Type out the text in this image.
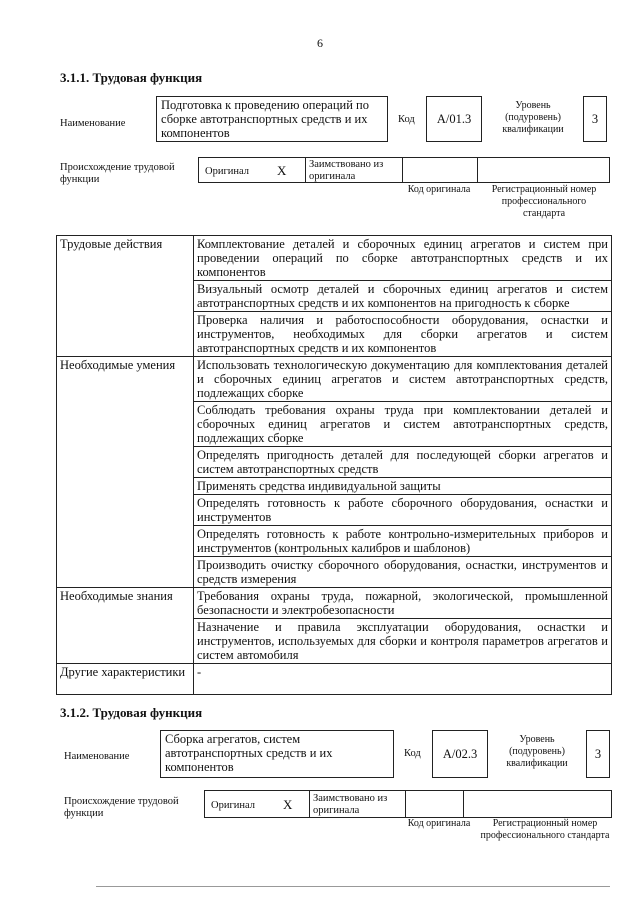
6
3.1.1. Трудовая функция
Наименование
Подготовка к проведению операций по сборке автотранспортных средств и их компонентов
Код	А/01.3
Уровень (подуровень) квалификации
3
Происхождение трудовой функции
Оригинал X Заимствовано из оригинала
Код оригинала	Регистрационный номер профессионального стандарта
Трудовые действия	Комплектование деталей и сборочных единиц агрегатов и систем при проведении операций по сборке автотранспортных средств и их компонентов
	Визуальный осмотр деталей и сборочных единиц агрегатов и систем автотранспортных средств и их компонентов на пригодность к сборке
	Проверка наличия и работоспособности оборудования, оснастки и инструментов, необходимых для сборки агрегатов и систем автотранспортных средств и их компонентов
Необходимые умения	Использовать технологическую документацию для комплектования деталей и сборочных единиц агрегатов и систем автотранспортных средств, подлежащих сборке
	Соблюдать требования охраны труда при комплектовании деталей и сборочных единиц агрегатов и систем автотранспортных средств, подлежащих сборке
	Определять пригодность деталей для последующей сборки агрегатов и систем автотранспортных средств
	Применять средства индивидуальной защиты
	Определять готовность к работе сборочного оборудования, оснастки и инструментов
	Определять готовность к работе контрольно-измерительных приборов и инструментов (контрольных калибров и шаблонов)
	Производить очистку сборочного оборудования, оснастки, инструментов и средств измерения
Необходимые знания	Требования охраны труда, пожарной, экологической, промышленной безопасности и электробезопасности
	Назначение и правила эксплуатации оборудования, оснастки и инструментов, используемых для сборки и контроля параметров агрегатов и систем автомобиля
Другие характеристики	-
3.1.2. Трудовая функция
Наименование
Сборка агрегатов, систем автотранспортных средств и их компонентов
Код	А/02.3
Уровень (подуровень) квалификации
3
Происхождение трудовой функции
Оригинал X Заимствовано из оригинала
Код оригинала	Регистрационный номер профессионального стандарта
